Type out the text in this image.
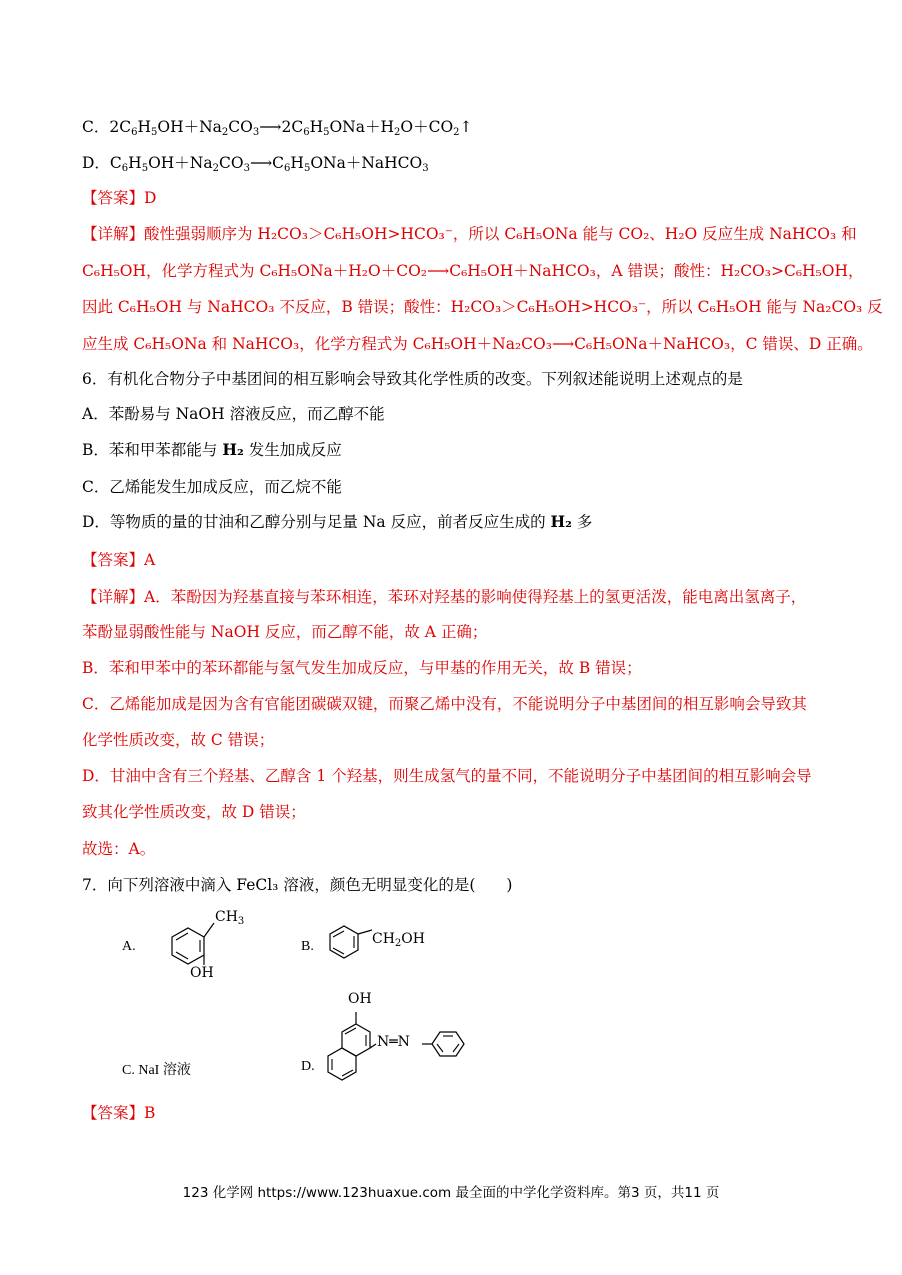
C．$2C_6H_5OH+Na_2CO_3⟶2C_6H_5ONa+H_2O+CO_2↑$
D．$C_6H_5OH+Na_2CO_3⟶C_6H_5ONa+NaHCO_3$
【答案】D
【详解】酸性强弱顺序为 H₂CO₃＞C₆H₅OH>HCO₃⁻，所以 C₆H₅ONa 能与 CO₂、H₂O 反应生成 NaHCO₃ 和
C₆H₅OH，化学方程式为 C₆H₅ONa＋H₂O＋CO₂⟶C₆H₅OH＋NaHCO₃，A 错误；酸性：H₂CO₃>C₆H₅OH，
因此 C₆H₅OH 与 NaHCO₃ 不反应，B 错误；酸性：H₂CO₃＞C₆H₅OH>HCO₃⁻，所以 C₆H₅OH 能与 Na₂CO₃ 反
应生成 C₆H₅ONa 和 NaHCO₃，化学方程式为 C₆H₅OH＋Na₂CO₃⟶C₆H₅ONa＋NaHCO₃，C 错误、D 正确。
6．有机化合物分子中基团间的相互影响会导致其化学性质的改变。下列叙述能说明上述观点的是
A．苯酚易与 NaOH 溶液反应，而乙醇不能
B．苯和甲苯都能与 H₂ 发生加成反应
C．乙烯能发生加成反应，而乙烷不能
D．等物质的量的甘油和乙醇分别与足量 Na 反应，前者反应生成的 H₂ 多
【答案】A
【详解】A．苯酚因为羟基直接与苯环相连，苯环对羟基的影响使得羟基上的氢更活泼，能电离出氢离子，
苯酚显弱酸性能与 NaOH 反应，而乙醇不能，故 A 正确；
B．苯和甲苯中的苯环都能与氢气发生加成反应，与甲基的作用无关，故 B 错误；
C．乙烯能加成是因为含有官能团碳碳双键，而聚乙烯中没有，不能说明分子中基团间的相互影响会导致其
化学性质改变，故 C 错误；
D．甘油中含有三个羟基、乙醇含 1 个羟基，则生成氢气的量不同，不能说明分子中基团间的相互影响会导
致其化学性质改变，故 D 错误；
故选：A。
7．向下列溶液中滴入 FeCl₃ 溶液，颜色无明显变化的是(　　)
A.
$CH_3$
OH
B.	$CH_2OH$
C. NaI 溶液	D.
OH
N═N
【答案】B
123 化学网 https://www.123huaxue.com 最全面的中学化学资料库。第3 页，共11 页
